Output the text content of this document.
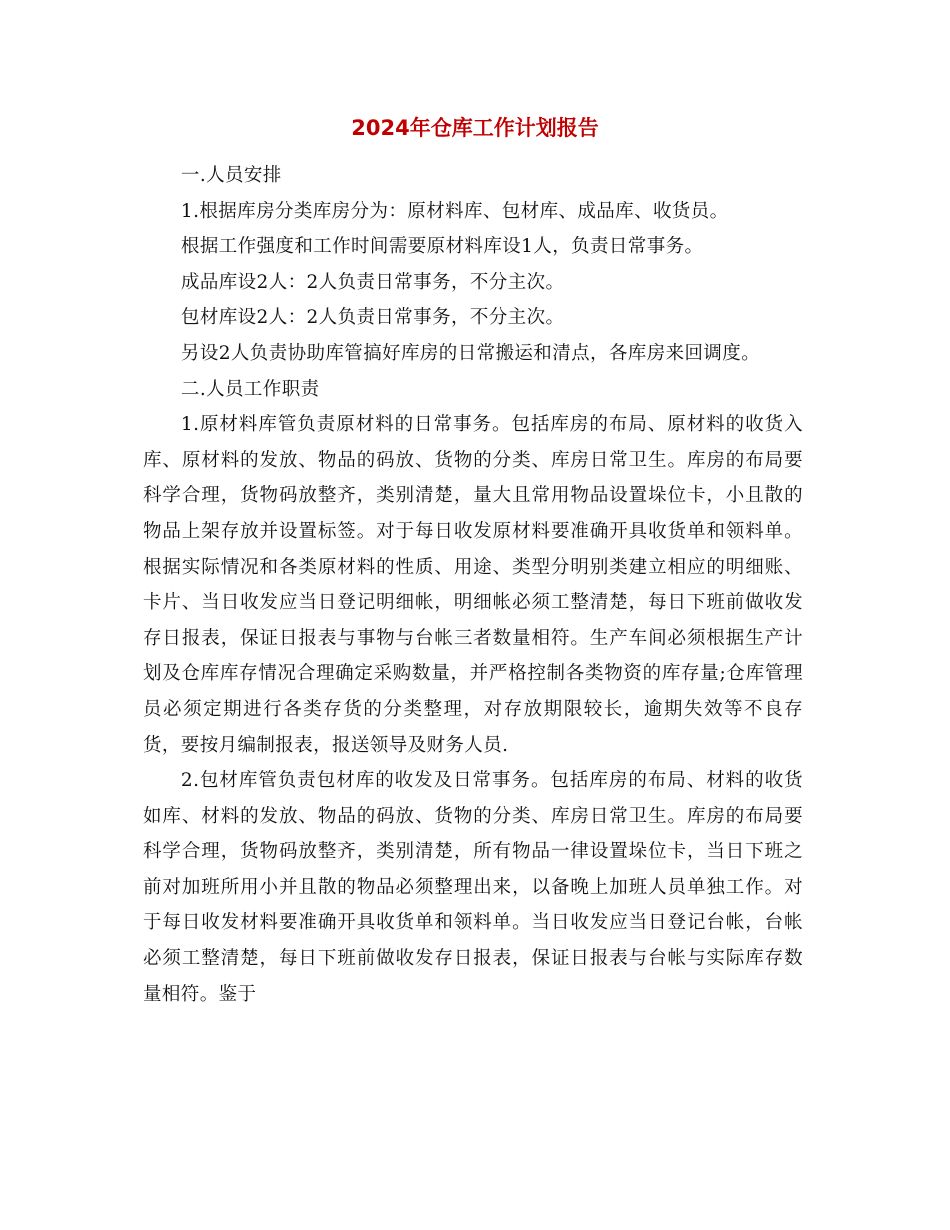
2024年仓库工作计划报告

一.人员安排

1.根据库房分类库房分为：原材料库、包材库、成品库、收货员。

根据工作强度和工作时间需要原材料库设1人，负责日常事务。

成品库设2人：2人负责日常事务，不分主次。

包材库设2人：2人负责日常事务，不分主次。

另设2人负责协助库管搞好库房的日常搬运和清点，各库房来回调度。

二.人员工作职责

1.原材料库管负责原材料的日常事务。包括库房的布局、原材料的收货入库、原材料的发放、物品的码放、货物的分类、库房日常卫生。库房的布局要科学合理，货物码放整齐，类别清楚，量大且常用物品设置垛位卡，小且散的物品上架存放并设置标签。对于每日收发原材料要准确开具收货单和领料单。根据实际情况和各类原材料的性质、用途、类型分明别类建立相应的明细账、卡片、当日收发应当日登记明细帐，明细帐必须工整清楚，每日下班前做收发存日报表，保证日报表与事物与台帐三者数量相符。生产车间必须根据生产计划及仓库库存情况合理确定采购数量，并严格控制各类物资的库存量;仓库管理员必须定期进行各类存货的分类整理，对存放期限较长，逾期失效等不良存货，要按月编制报表，报送领导及财务人员.

2.包材库管负责包材库的收发及日常事务。包括库房的布局、材料的收货如库、材料的发放、物品的码放、货物的分类、库房日常卫生。库房的布局要科学合理，货物码放整齐，类别清楚，所有物品一律设置垛位卡，当日下班之前对加班所用小并且散的物品必须整理出来，以备晚上加班人员单独工作。对于每日收发材料要准确开具收货单和领料单。当日收发应当日登记台帐，台帐必须工整清楚，每日下班前做收发存日报表，保证日报表与台帐与实际库存数量相符。鉴于
